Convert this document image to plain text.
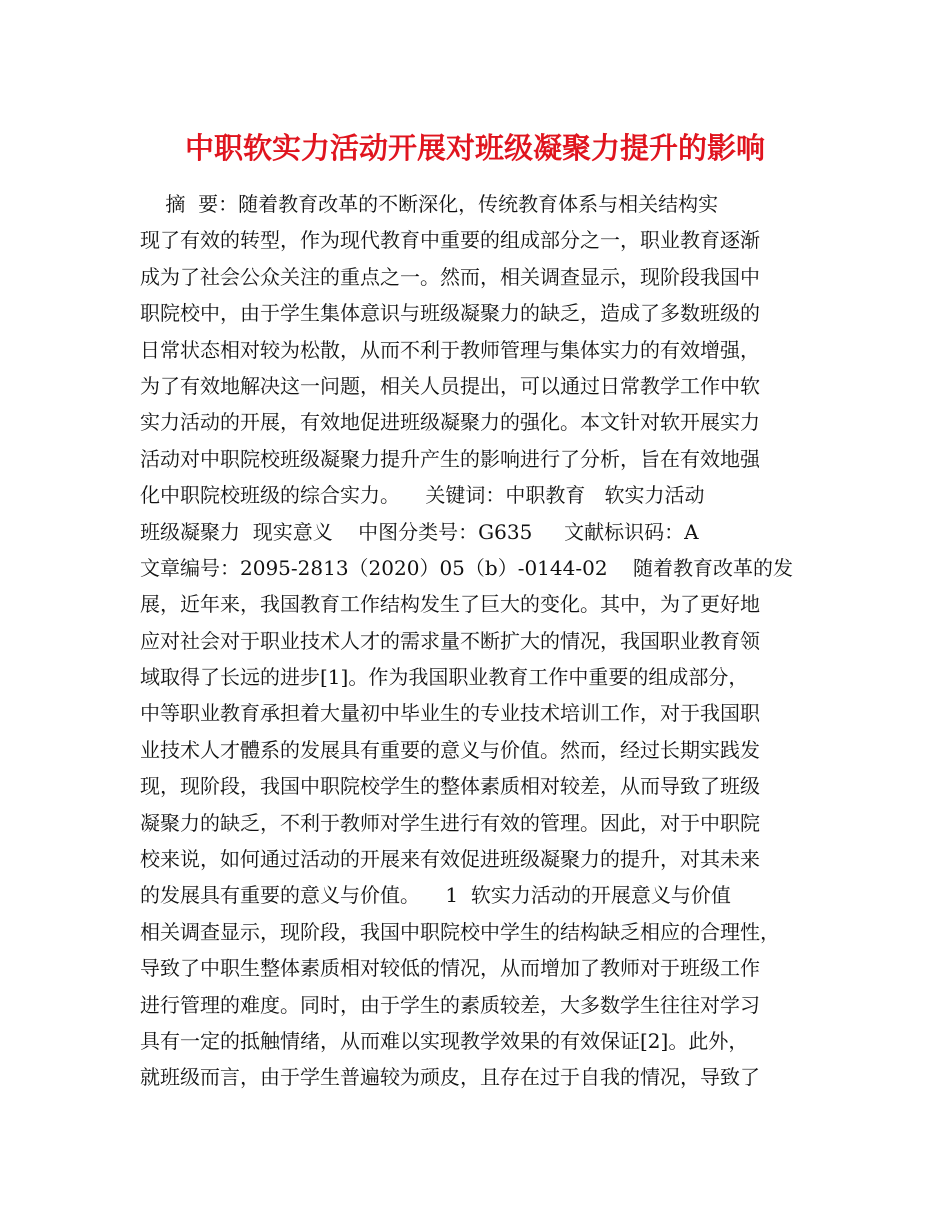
中职软实力活动开展对班级凝聚力提升的影响
摘  要：随着教育改革的不断深化，传统教育体系与相关结构实
现了有效的转型，作为现代教育中重要的组成部分之一，职业教育逐渐
成为了社会公众关注的重点之一。然而，相关调查显示，现阶段我国中
职院校中，由于学生集体意识与班级凝聚力的缺乏，造成了多数班级的
日常状态相对较为松散，从而不利于教师管理与集体实力的有效增强，
为了有效地解决这一问题，相关人员提出，可以通过日常教学工作中软
实力活动的开展，有效地促进班级凝聚力的强化。本文针对软开展实力
活动对中职院校班级凝聚力提升产生的影响进行了分析，旨在有效地强
化中职院校班级的综合实力。    关键词：中职教育   软实力活动
班级凝聚力  现实意义    中图分类号：G635     文献标识码：A
文章编号：2095-2813（2020）05（b）-0144-02    随着教育改革的发
展，近年来，我国教育工作结构发生了巨大的变化。其中，为了更好地
应对社会对于职业技术人才的需求量不断扩大的情况，我国职业教育领
域取得了长远的进步[1]。作为我国职业教育工作中重要的组成部分，
中等职业教育承担着大量初中毕业生的专业技术培训工作，对于我国职
业技术人才體系的发展具有重要的意义与价值。然而，经过长期实践发
现，现阶段，我国中职院校学生的整体素质相对较差，从而导致了班级
凝聚力的缺乏，不利于教师对学生进行有效的管理。因此，对于中职院
校来说，如何通过活动的开展来有效促进班级凝聚力的提升，对其未来
的发展具有重要的意义与价值。    1  软实力活动的开展意义与价值
相关调查显示，现阶段，我国中职院校中学生的结构缺乏相应的合理性，
导致了中职生整体素质相对较低的情况，从而增加了教师对于班级工作
进行管理的难度。同时，由于学生的素质较差，大多数学生往往对学习
具有一定的抵触情绪，从而难以实现教学效果的有效保证[2]。此外，
就班级而言，由于学生普遍较为顽皮，且存在过于自我的情况，导致了
